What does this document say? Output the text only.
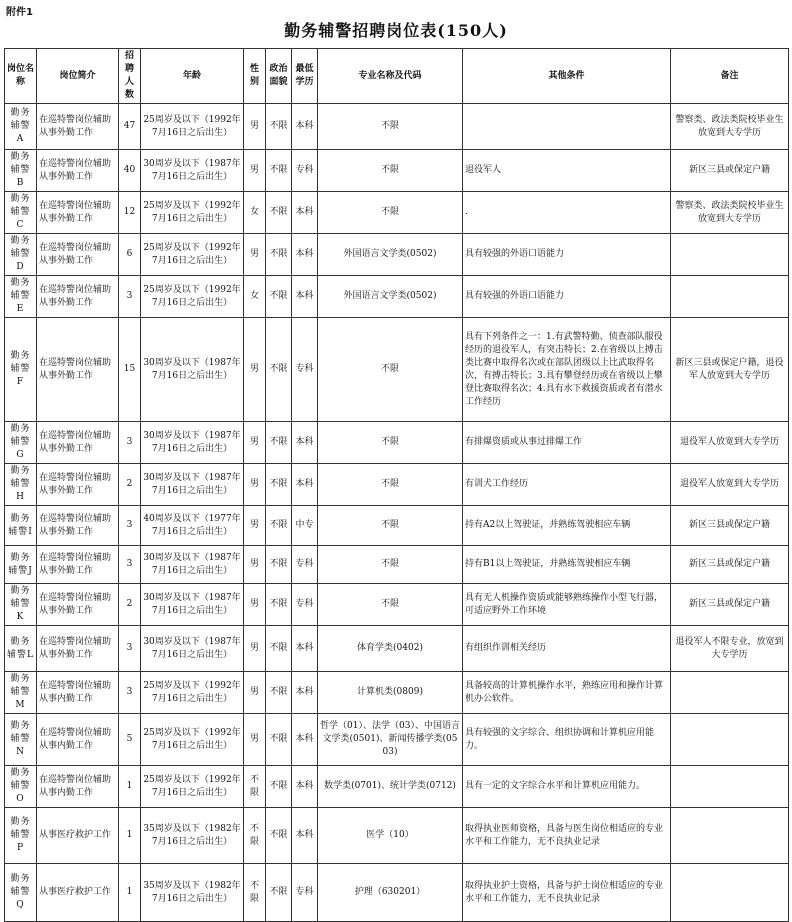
附件1
勤务辅警招聘岗位表(150人)
岗位名称	岗位简介	招聘人数	年龄	性别	政治面貌	最低学历	专业名称及代码	其他条件	备注
勤务辅警A	在巡特警岗位辅助从事外勤工作	47	25周岁及以下（1992年7月16日之后出生）	男	不限	本科	不限		警察类、政法类院校毕业生放宽到大专学历
勤务辅警B	在巡特警岗位辅助从事外勤工作	40	30周岁及以下（1987年7月16日之后出生）	男	不限	专科	不限	退役军人	新区三县或保定户籍
勤务辅警C	在巡特警岗位辅助从事外勤工作	12	25周岁及以下（1992年7月16日之后出生）	女	不限	本科	不限	.	警察类、政法类院校毕业生放宽到大专学历
勤务辅警D	在巡特警岗位辅助从事外勤工作	6	25周岁及以下（1992年7月16日之后出生）	男	不限	本科	外国语言文学类(0502)	具有较强的外语口语能力	
勤务辅警E	在巡特警岗位辅助从事外勤工作	3	25周岁及以下（1992年7月16日之后出生）	女	不限	本科	外国语言文学类(0502)	具有较强的外语口语能力	
勤务辅警F	在巡特警岗位辅助从事外勤工作	15	30周岁及以下（1987年7月16日之后出生）	男	不限	专科	不限	具有下列条件之一：1.有武警特勤、侦查部队服役经历的退役军人，有突击特长；2.在省级以上搏击类比赛中取得名次或在部队团级以上比武取得名次，有搏击特长；3.具有攀登经历或在省级以上攀登比赛取得名次；4.具有水下救援资质或者有潜水工作经历	新区三县或保定户籍，退役军人放宽到大专学历
勤务辅警G	在巡特警岗位辅助从事外勤工作	3	30周岁及以下（1987年7月16日之后出生）	男	不限	本科	不限	有排爆资质或从事过排爆工作	退役军人放宽到大专学历
勤务辅警H	在巡特警岗位辅助从事外勤工作	2	30周岁及以下（1987年7月16日之后出生）	男	不限	本科	不限	有训犬工作经历	退役军人放宽到大专学历
勤务辅警I	在巡特警岗位辅助从事外勤工作	3	40周岁及以下（1977年7月16日之后出生）	男	不限	中专	不限	持有A2以上驾驶证，并熟练驾驶相应车辆	新区三县或保定户籍
勤务辅警J	在巡特警岗位辅助从事外勤工作	3	30周岁及以下（1987年7月16日之后出生）	男	不限	专科	不限	持有B1以上驾驶证，并熟练驾驶相应车辆	新区三县或保定户籍
勤务辅警K	在巡特警岗位辅助从事外勤工作	2	30周岁及以下（1987年7月16日之后出生）	男	不限	专科	不限	具有无人机操作资质或能够熟练操作小型飞行器，可适应野外工作环境	新区三县或保定户籍
勤务辅警L	在巡特警岗位辅助从事外勤工作	3	30周岁及以下（1987年7月16日之后出生）	男	不限	本科	体育学类(0402)	有组织作训相关经历	退役军人不限专业，放宽到大专学历
勤务辅警M	在巡特警岗位辅助从事内勤工作	3	25周岁及以下（1992年7月16日之后出生）	男	不限	本科	计算机类(0809)	具备较高的计算机操作水平，熟练应用和操作计算机办公软件。	
勤务辅警N	在巡特警岗位辅助从事内勤工作	5	25周岁及以下（1992年7月16日之后出生）	男	不限	本科	哲学（01）、法学（03）、中国语言文学类(0501)、新闻传播学类(0503)	具有较强的文字综合、组织协调和计算机应用能力。	
勤务辅警O	在巡特警岗位辅助从事内勤工作	1	25周岁及以下（1992年7月16日之后出生）	不限	不限	本科	数学类(0701)、统计学类(0712)	具有一定的文字综合水平和计算机应用能力。	
勤务辅警P	从事医疗救护工作	1	35周岁及以下（1982年7月16日之后出生）	不限	不限	本科	医学（10）	取得执业医师资格，具备与医生岗位相适应的专业水平和工作能力，无不良执业记录	
勤务辅警Q	从事医疗救护工作	1	35周岁及以下（1982年7月16日之后出生）	不限	不限	专科	护理（630201）	取得执业护士资格，具备与护士岗位相适应的专业水平和工作能力，无不良执业记录	
